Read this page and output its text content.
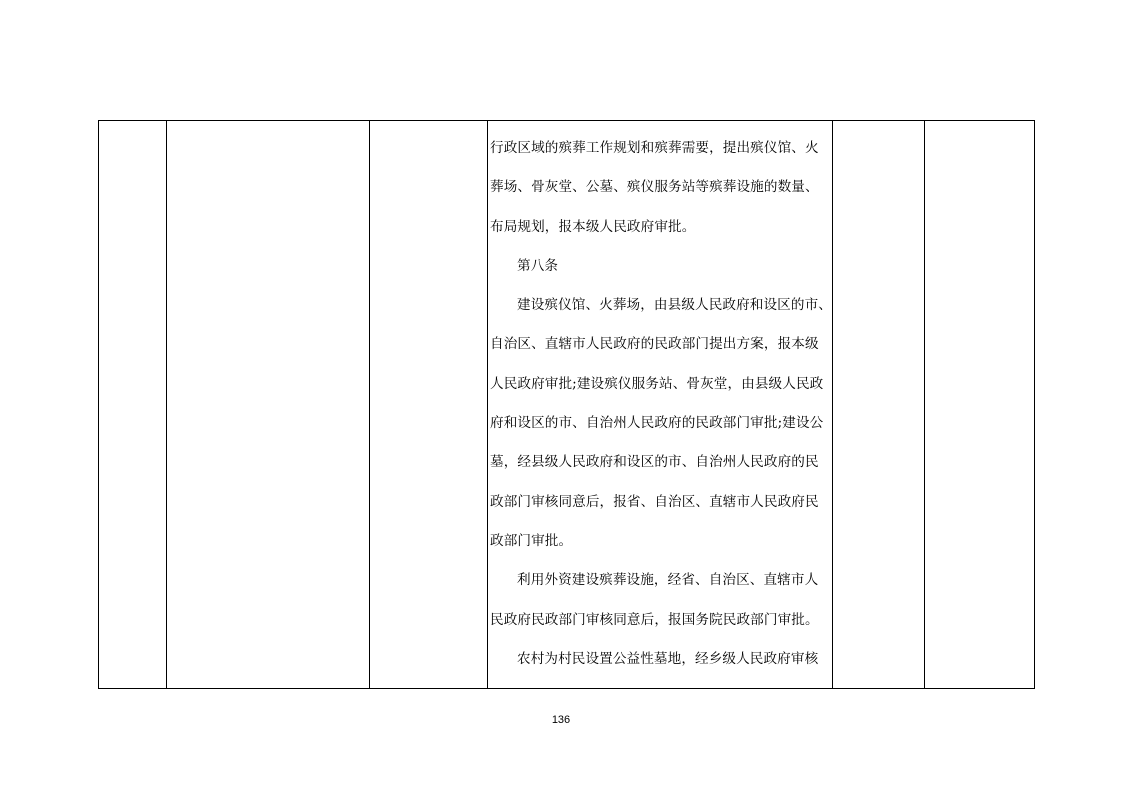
行政区域的殡葬工作规划和殡葬需要，提出殡仪馆、火
葬场、骨灰堂、公墓、殡仪服务站等殡葬设施的数量、
布局规划，报本级人民政府审批。
第八条
建设殡仪馆、火葬场，由县级人民政府和设区的市、
自治区、直辖市人民政府的民政部门提出方案，报本级
人民政府审批;建设殡仪服务站、骨灰堂，由县级人民政
府和设区的市、自治州人民政府的民政部门审批;建设公
墓，经县级人民政府和设区的市、自治州人民政府的民
政部门审核同意后，报省、自治区、直辖市人民政府民
政部门审批。
利用外资建设殡葬设施，经省、自治区、直辖市人
民政府民政部门审核同意后，报国务院民政部门审批。
农村为村民设置公益性墓地，经乡级人民政府审核

136
